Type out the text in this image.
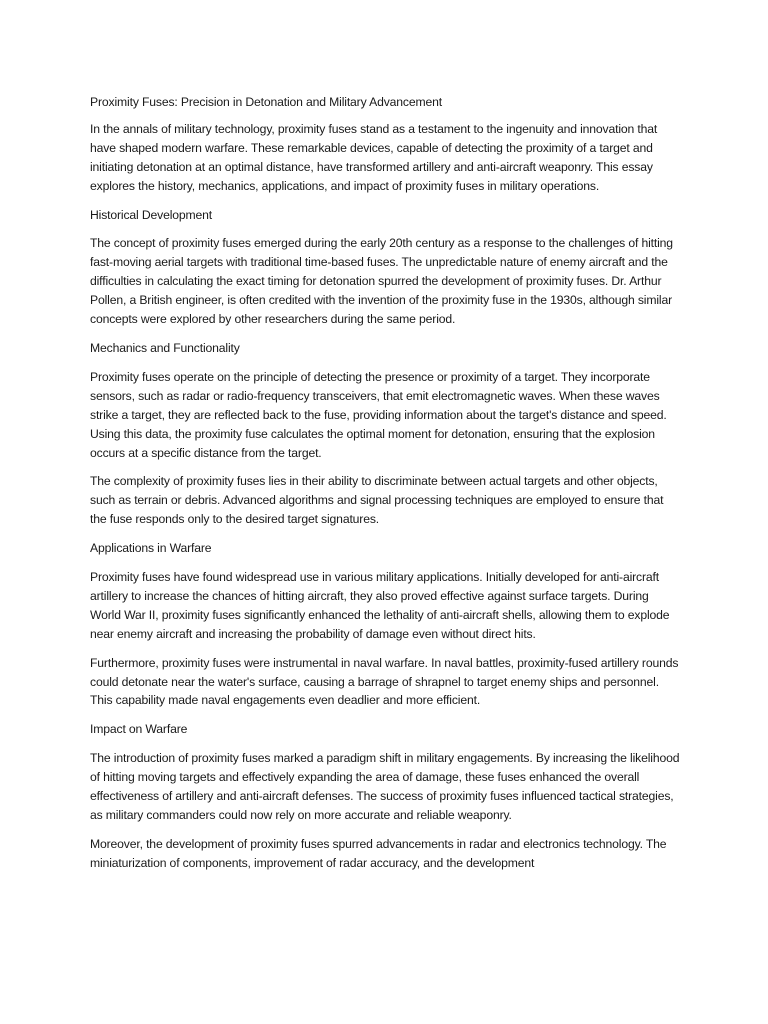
Proximity Fuses: Precision in Detonation and Military Advancement

In the annals of military technology, proximity fuses stand as a testament to the ingenuity and innovation that have shaped modern warfare. These remarkable devices, capable of detecting the proximity of a target and initiating detonation at an optimal distance, have transformed artillery and anti-aircraft weaponry. This essay explores the history, mechanics, applications, and impact of proximity fuses in military operations.

Historical Development

The concept of proximity fuses emerged during the early 20th century as a response to the challenges of hitting fast-moving aerial targets with traditional time-based fuses. The unpredictable nature of enemy aircraft and the difficulties in calculating the exact timing for detonation spurred the development of proximity fuses. Dr. Arthur Pollen, a British engineer, is often credited with the invention of the proximity fuse in the 1930s, although similar concepts were explored by other researchers during the same period.

Mechanics and Functionality

Proximity fuses operate on the principle of detecting the presence or proximity of a target. They incorporate sensors, such as radar or radio-frequency transceivers, that emit electromagnetic waves. When these waves strike a target, they are reflected back to the fuse, providing information about the target's distance and speed. Using this data, the proximity fuse calculates the optimal moment for detonation, ensuring that the explosion occurs at a specific distance from the target.

The complexity of proximity fuses lies in their ability to discriminate between actual targets and other objects, such as terrain or debris. Advanced algorithms and signal processing techniques are employed to ensure that the fuse responds only to the desired target signatures.

Applications in Warfare

Proximity fuses have found widespread use in various military applications. Initially developed for anti-aircraft artillery to increase the chances of hitting aircraft, they also proved effective against surface targets. During World War II, proximity fuses significantly enhanced the lethality of anti-aircraft shells, allowing them to explode near enemy aircraft and increasing the probability of damage even without direct hits.

Furthermore, proximity fuses were instrumental in naval warfare. In naval battles, proximity-fused artillery rounds could detonate near the water's surface, causing a barrage of shrapnel to target enemy ships and personnel. This capability made naval engagements even deadlier and more efficient.

Impact on Warfare

The introduction of proximity fuses marked a paradigm shift in military engagements. By increasing the likelihood of hitting moving targets and effectively expanding the area of damage, these fuses enhanced the overall effectiveness of artillery and anti-aircraft defenses. The success of proximity fuses influenced tactical strategies, as military commanders could now rely on more accurate and reliable weaponry.

Moreover, the development of proximity fuses spurred advancements in radar and electronics technology. The miniaturization of components, improvement of radar accuracy, and the development
